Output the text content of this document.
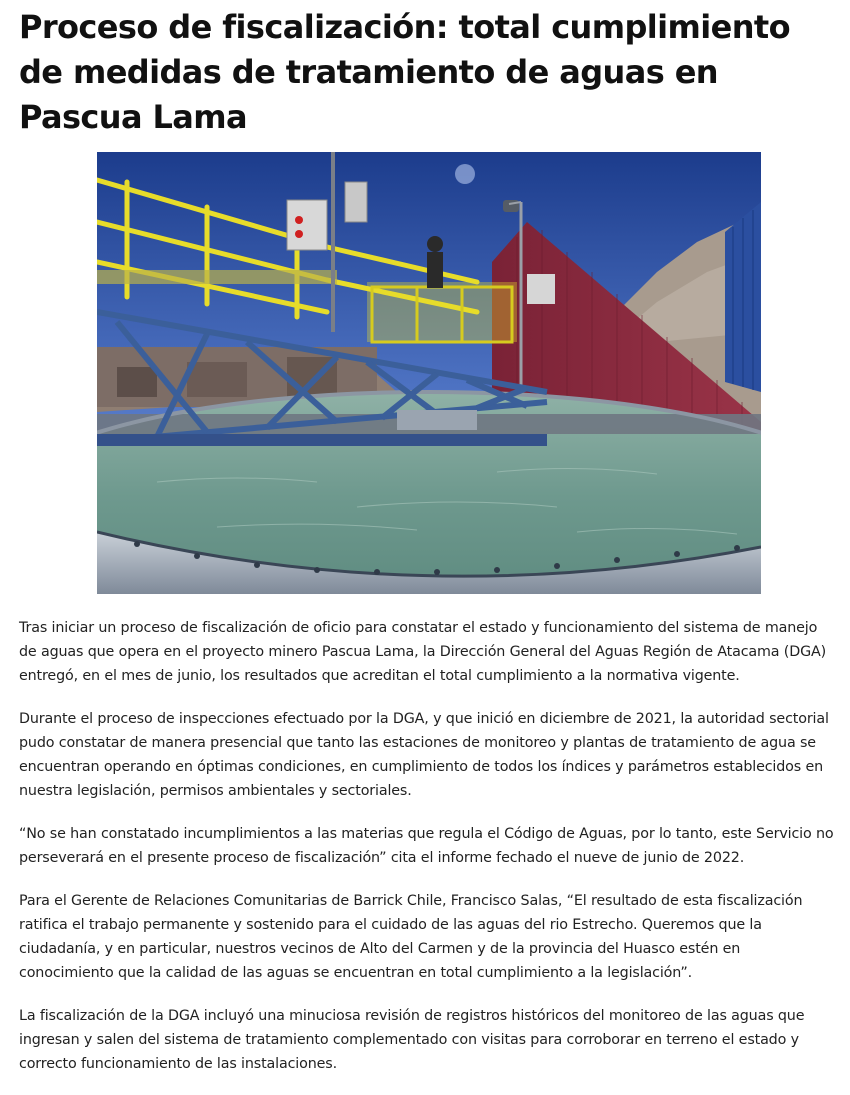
Proceso de fiscalización: total cumplimiento de medidas de tratamiento de aguas en Pascua Lama

Tras iniciar un proceso de fiscalización de oficio para constatar el estado y funcionamiento del sistema de manejo de aguas que opera en el proyecto minero Pascua Lama, la Dirección General del Aguas Región de Atacama (DGA) entregó, en el mes de junio, los resultados que acreditan el total cumplimiento a la normativa vigente.

Durante el proceso de inspecciones efectuado por la DGA, y que inició en diciembre de 2021, la autoridad sectorial pudo constatar de manera presencial que tanto las estaciones de monitoreo y plantas de tratamiento de agua se encuentran operando en óptimas condiciones, en cumplimiento de todos los índices y parámetros establecidos en nuestra legislación, permisos ambientales y sectoriales.

“No se han constatado incumplimientos a las materias que regula el Código de Aguas, por lo tanto, este Servicio no perseverará en el presente proceso de fiscalización” cita el informe fechado el nueve de junio de 2022.

Para el Gerente de Relaciones Comunitarias de Barrick Chile, Francisco Salas, “El resultado de esta fiscalización ratifica el trabajo permanente y sostenido para el cuidado de las aguas del rio Estrecho. Queremos que la ciudadanía, y en particular, nuestros vecinos de Alto del Carmen y de la provincia del Huasco estén en conocimiento que la calidad de las aguas se encuentran en total cumplimiento a la legislación”.

La fiscalización de la DGA incluyó una minuciosa revisión de registros históricos del monitoreo de las aguas que ingresan y salen del sistema de tratamiento complementado con visitas para corroborar en terreno el estado y correcto funcionamiento de las instalaciones.
